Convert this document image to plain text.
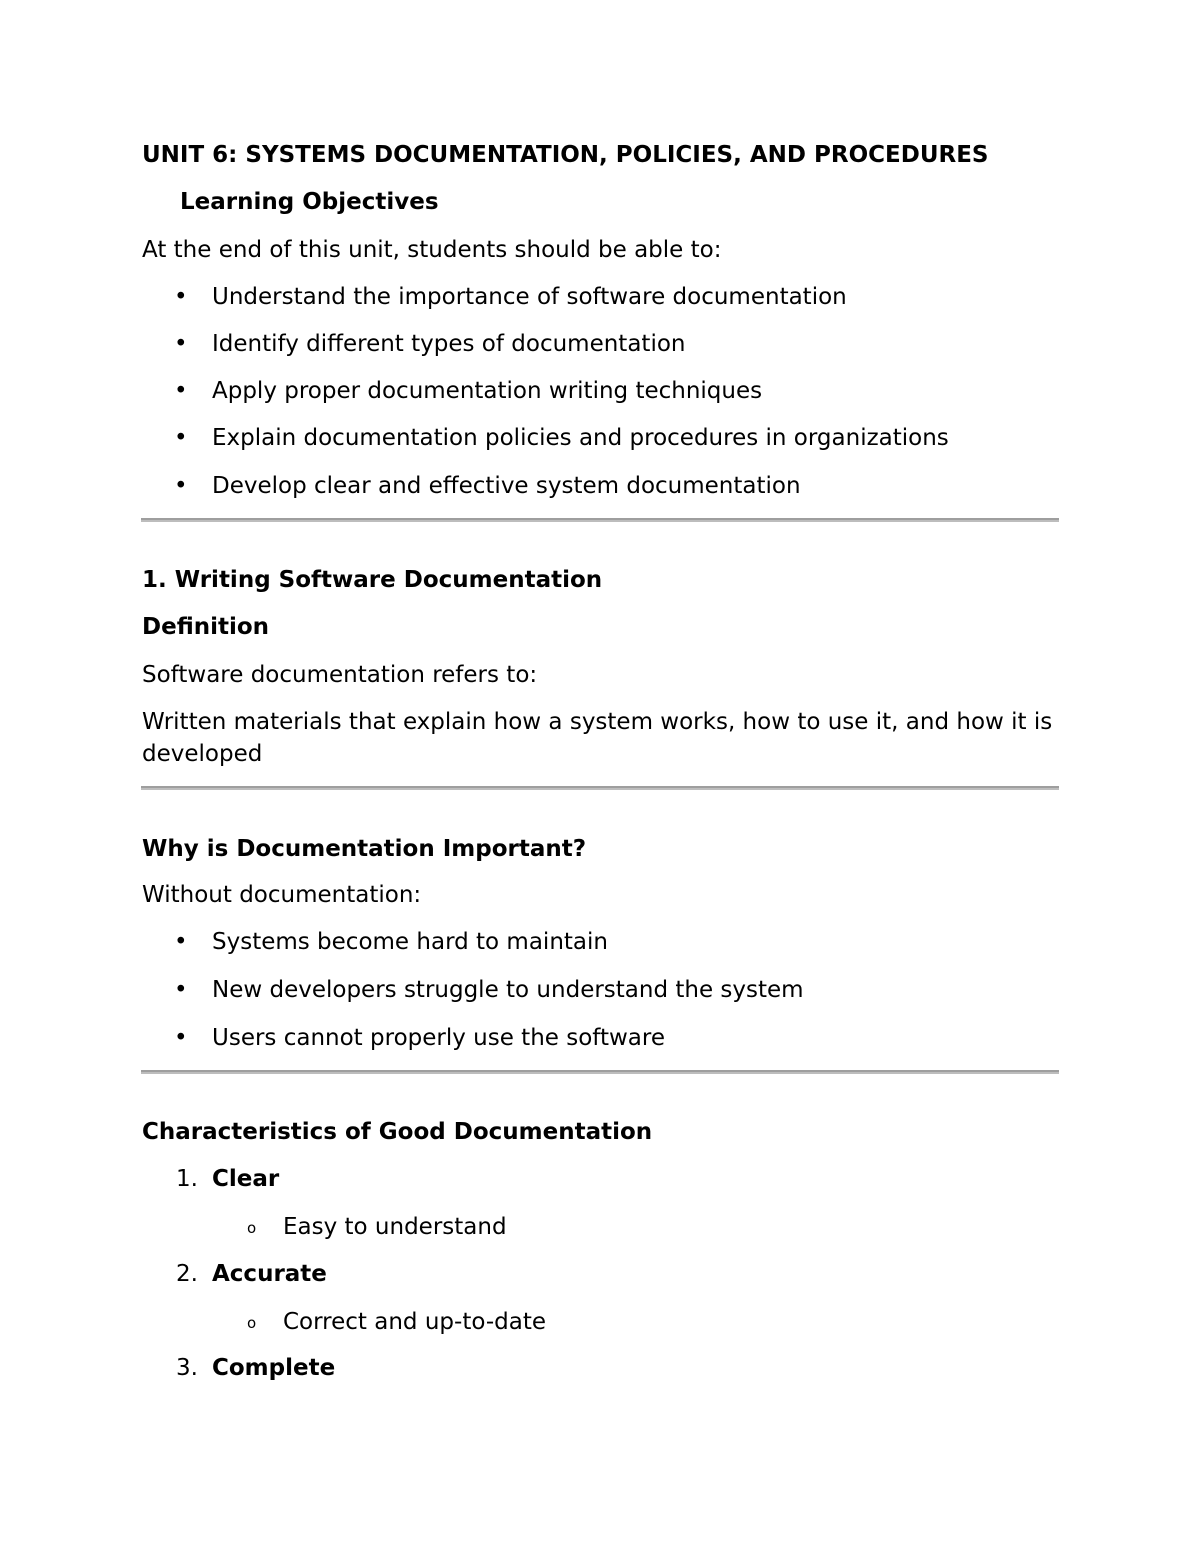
UNIT 6: SYSTEMS DOCUMENTATION, POLICIES, AND PROCEDURES
Learning Objectives
At the end of this unit, students should be able to:
• Understand the importance of software documentation
• Identify different types of documentation
• Apply proper documentation writing techniques
• Explain documentation policies and procedures in organizations
• Develop clear and effective system documentation
1. Writing Software Documentation
Definition
Software documentation refers to:
Written materials that explain how a system works, how to use it, and how it is developed
Why is Documentation Important?
Without documentation:
• Systems become hard to maintain
• New developers struggle to understand the system
• Users cannot properly use the software
Characteristics of Good Documentation
1. Clear
o Easy to understand
2. Accurate
o Correct and up-to-date
3. Complete
